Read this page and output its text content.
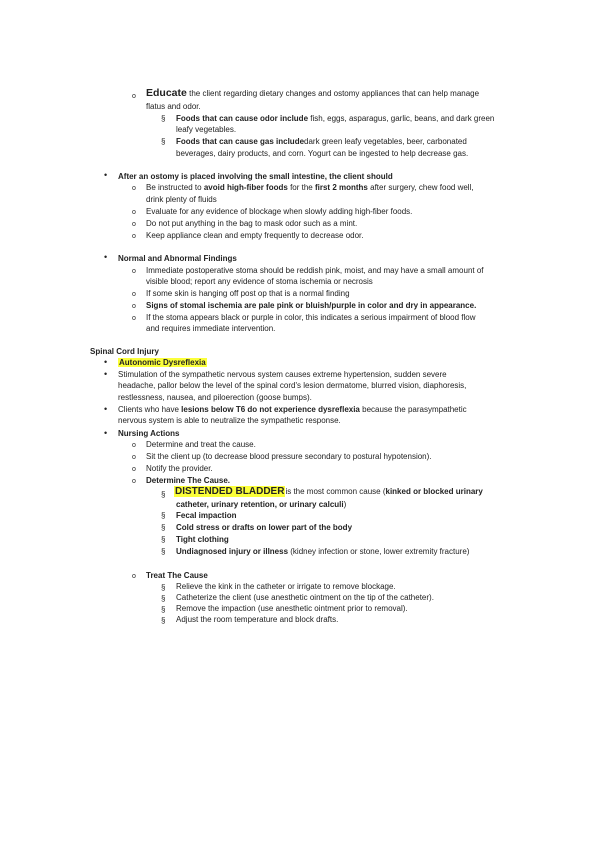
o Educate the client regarding dietary changes and ostomy appliances that can help manage
flatus and odor.
§ Foods that can cause odor include fish, eggs, asparagus, garlic, beans, and dark green
leafy vegetables.
§ Foods that can cause gas includedark green leafy vegetables, beer, carbonated
beverages, dairy products, and corn. Yogurt can be ingested to help decrease gas.
• After an ostomy is placed involving the small intestine, the client should
o Be instructed to avoid high-fiber foods for the first 2 months after surgery, chew food well,
drink plenty of fluids
o Evaluate for any evidence of blockage when slowly adding high-fiber foods.
o Do not put anything in the bag to mask odor such as a mint.
o Keep appliance clean and empty frequently to decrease odor.
• Normal and Abnormal Findings
o Immediate postoperative stoma should be reddish pink, moist, and may have a small amount of
visible blood; report any evidence of stoma ischemia or necrosis
o If some skin is hanging off post op that is a normal finding
o Signs of stomal ischemia are pale pink or bluish/purple in color and dry in appearance.
o If the stoma appears black or purple in color, this indicates a serious impairment of blood flow
and requires immediate intervention.
Spinal Cord Injury
• Autonomic Dysreflexia
• Stimulation of the sympathetic nervous system causes extreme hypertension, sudden severe
headache, pallor below the level of the spinal cord's lesion dermatome, blurred vision, diaphoresis,
restlessness, nausea, and piloerection (goose bumps).
• Clients who have lesions below T6 do not experience dysreflexia because the parasympathetic
nervous system is able to neutralize the sympathetic response.
• Nursing Actions
o Determine and treat the cause.
o Sit the client up (to decrease blood pressure secondary to postural hypotension).
o Notify the provider.
o Determine The Cause.
§ DISTENDED BLADDERis the most common cause (kinked or blocked urinary
catheter, urinary retention, or urinary calculi)
§ Fecal impaction
§ Cold stress or drafts on lower part of the body
§ Tight clothing
§ Undiagnosed injury or illness (kidney infection or stone, lower extremity fracture)
o Treat The Cause
§ Relieve the kink in the catheter or irrigate to remove blockage.
§ Catheterize the client (use anesthetic ointment on the tip of the catheter).
§ Remove the impaction (use anesthetic ointment prior to removal).
§ Adjust the room temperature and block drafts.
